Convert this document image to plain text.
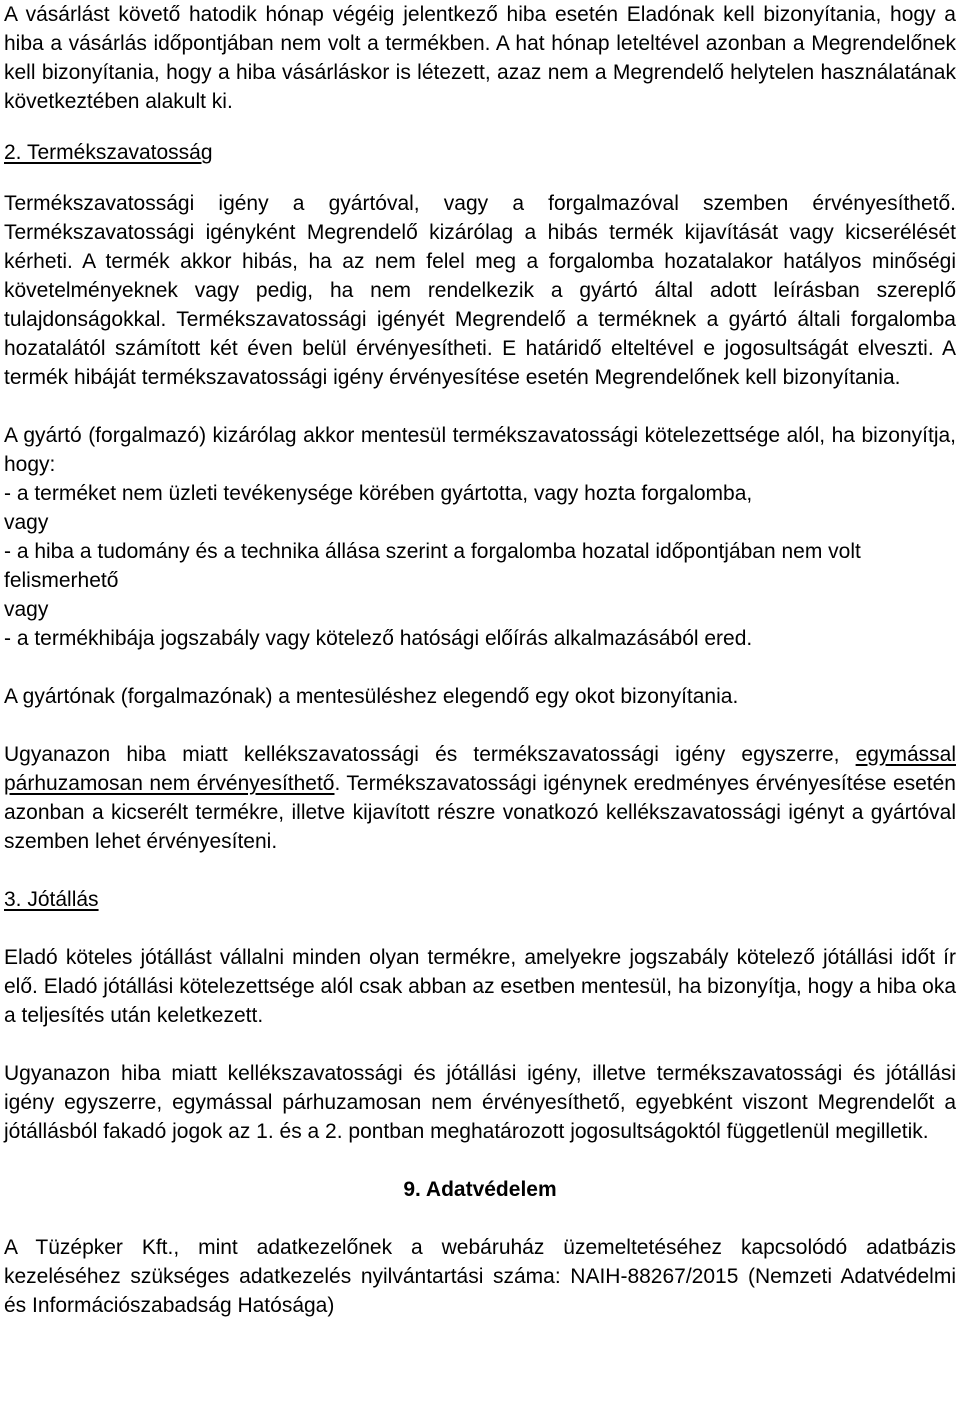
A vásárlást követő hatodik hónap végéig jelentkező hiba esetén Eladónak kell bizonyítania, hogy a hiba a vásárlás időpontjában nem volt a termékben. A hat hónap leteltével azonban a Megrendelőnek kell bizonyítania, hogy a hiba vásárláskor is létezett, azaz nem a Megrendelő helytelen használatának következtében alakult ki.

2. Termékszavatosság

Termékszavatossági igény a gyártóval, vagy a forgalmazóval szemben érvényesíthető. Termékszavatossági igényként Megrendelő kizárólag a hibás termék kijavítását vagy kicserélését kérheti. A termék akkor hibás, ha az nem felel meg a forgalomba hozatalakor hatályos minőségi követelményeknek vagy pedig, ha nem rendelkezik a gyártó által adott leírásban szereplő tulajdonságokkal. Termékszavatossági igényét Megrendelő a terméknek a gyártó általi forgalomba hozatalától számított két éven belül érvényesítheti. E határidő elteltével e jogosultságát elveszti. A termék hibáját termékszavatossági igény érvényesítése esetén Megrendelőnek kell bizonyítania.

A gyártó (forgalmazó) kizárólag akkor mentesül termékszavatossági kötelezettsége alól, ha bizonyítja, hogy:

- a terméket nem üzleti tevékenysége körében gyártotta, vagy hozta forgalomba,

vagy

- a hiba a tudomány és a technika állása szerint a forgalomba hozatal időpontjában nem volt felismerhető

vagy

- a termékhibája jogszabály vagy kötelező hatósági előírás alkalmazásából ered.

A gyártónak (forgalmazónak) a mentesüléshez elegendő egy okot bizonyítania.

Ugyanazon hiba miatt kellékszavatossági és termékszavatossági igény egyszerre, egymással párhuzamosan nem érvényesíthető. Termékszavatossági igénynek eredményes érvényesítése esetén azonban a kicserélt termékre, illetve kijavított részre vonatkozó kellékszavatossági igényt a gyártóval szemben lehet érvényesíteni.

3. Jótállás

Eladó köteles jótállást vállalni minden olyan termékre, amelyekre jogszabály kötelező jótállási időt ír elő. Eladó jótállási kötelezettsége alól csak abban az esetben mentesül, ha bizonyítja, hogy a hiba oka a teljesítés után keletkezett.

Ugyanazon hiba miatt kellékszavatossági és jótállási igény, illetve termékszavatossági és jótállási igény egyszerre, egymással párhuzamosan nem érvényesíthető, egyebként viszont Megrendelőt a jótállásból fakadó jogok az 1. és a 2. pontban meghatározott jogosultságoktól függetlenül megilletik.

9. Adatvédelem

A Tüzépker Kft., mint adatkezelőnek a webáruház üzemeltetéséhez kapcsolódó adatbázis kezeléséhez szükséges adatkezelés nyilvántartási száma: NAIH-88267/2015 (Nemzeti Adatvédelmi és Információszabadság Hatósága)
